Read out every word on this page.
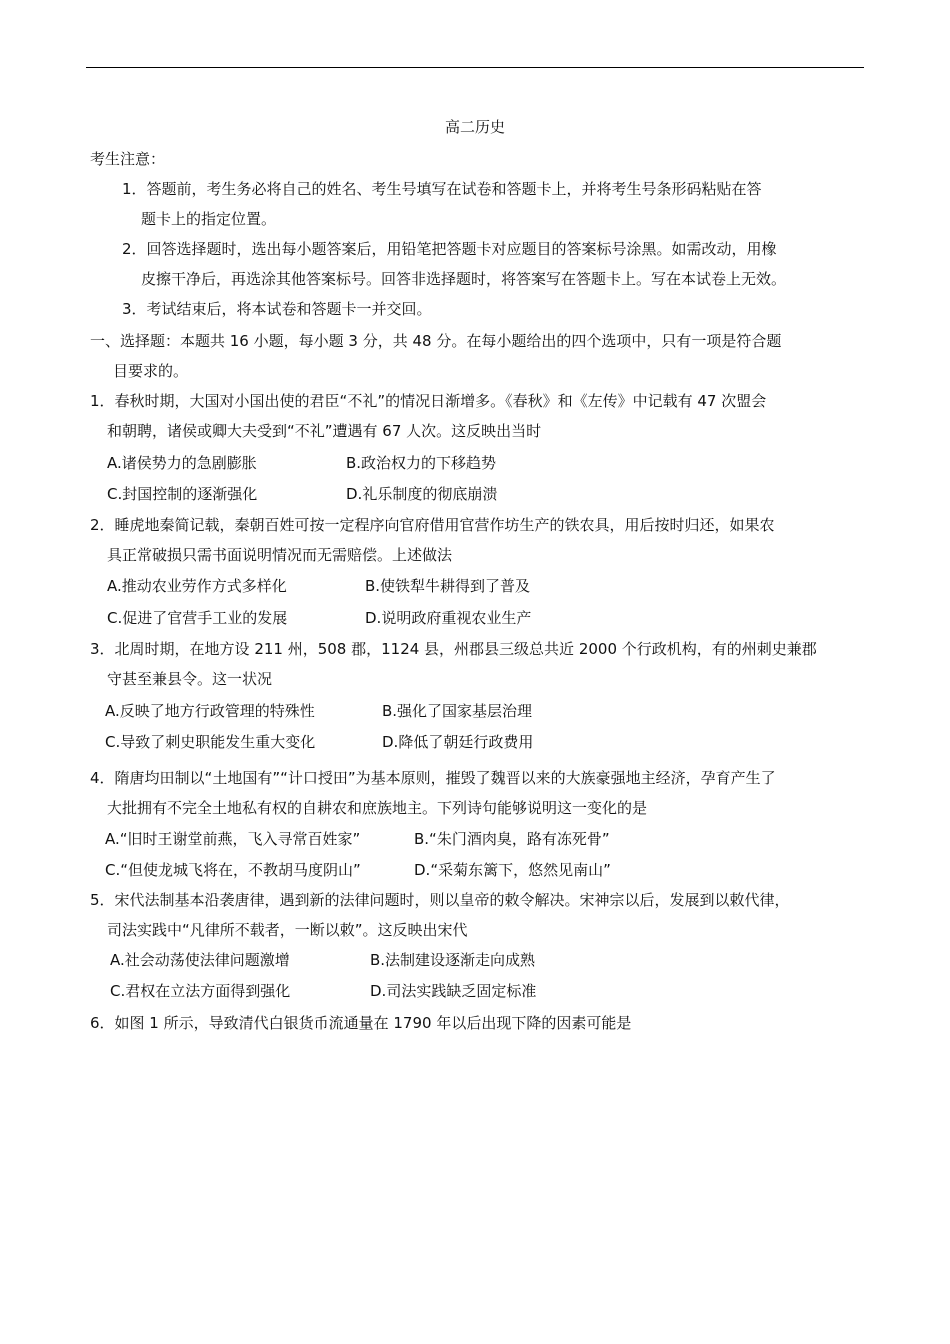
高二历史
考生注意：
1．答题前，考生务必将自己的姓名、考生号填写在试卷和答题卡上，并将考生号条形码粘贴在答
题卡上的指定位置。
2．回答选择题时，选出每小题答案后，用铅笔把答题卡对应题目的答案标号涂黑。如需改动，用橡
皮擦干净后，再选涂其他答案标号。回答非选择题时，将答案写在答题卡上。写在本试卷上无效。
3．考试结束后，将本试卷和答题卡一并交回。
一、选择题：本题共 16 小题，每小题 3 分，共 48 分。在每小题给出的四个选项中，只有一项是符合题
目要求的。
1．春秋时期，大国对小国出使的君臣“不礼”的情况日渐增多。《春秋》和《左传》中记载有 47 次盟会
和朝聘，诸侯或卿大夫受到“不礼”遭遇有 67 人次。这反映出当时
A.诸侯势力的急剧膨胀	B.政治权力的下移趋势
C.封国控制的逐渐强化	D.礼乐制度的彻底崩溃
2．睡虎地秦简记载，秦朝百姓可按一定程序向官府借用官营作坊生产的铁农具，用后按时归还，如果农
具正常破损只需书面说明情况而无需赔偿。上述做法
A.推动农业劳作方式多样化	B.使铁犁牛耕得到了普及
C.促进了官营手工业的发展	D.说明政府重视农业生产
3．北周时期，在地方设 211 州，508 郡，1124 县，州郡县三级总共近 2000 个行政机构，有的州刺史兼郡
守甚至兼县令。这一状况
A.反映了地方行政管理的特殊性	B.强化了国家基层治理
C.导致了刺史职能发生重大变化	D.降低了朝廷行政费用
4．隋唐均田制以“土地国有”“计口授田”为基本原则，摧毁了魏晋以来的大族豪强地主经济，孕育产生了
大批拥有不完全土地私有权的自耕农和庶族地主。下列诗句能够说明这一变化的是
A.“旧时王谢堂前燕，飞入寻常百姓家”	B.“朱门酒肉臭，路有冻死骨”
C.“但使龙城飞将在，不教胡马度阴山”	D.“采菊东篱下，悠然见南山”
5．宋代法制基本沿袭唐律，遇到新的法律问题时，则以皇帝的敕令解决。宋神宗以后，发展到以敕代律，
司法实践中“凡律所不载者，一断以敕”。这反映出宋代
A.社会动荡使法律问题激增	B.法制建设逐渐走向成熟
C.君权在立法方面得到强化	D.司法实践缺乏固定标准
6．如图 1 所示，导致清代白银货币流通量在 1790 年以后出现下降的因素可能是
